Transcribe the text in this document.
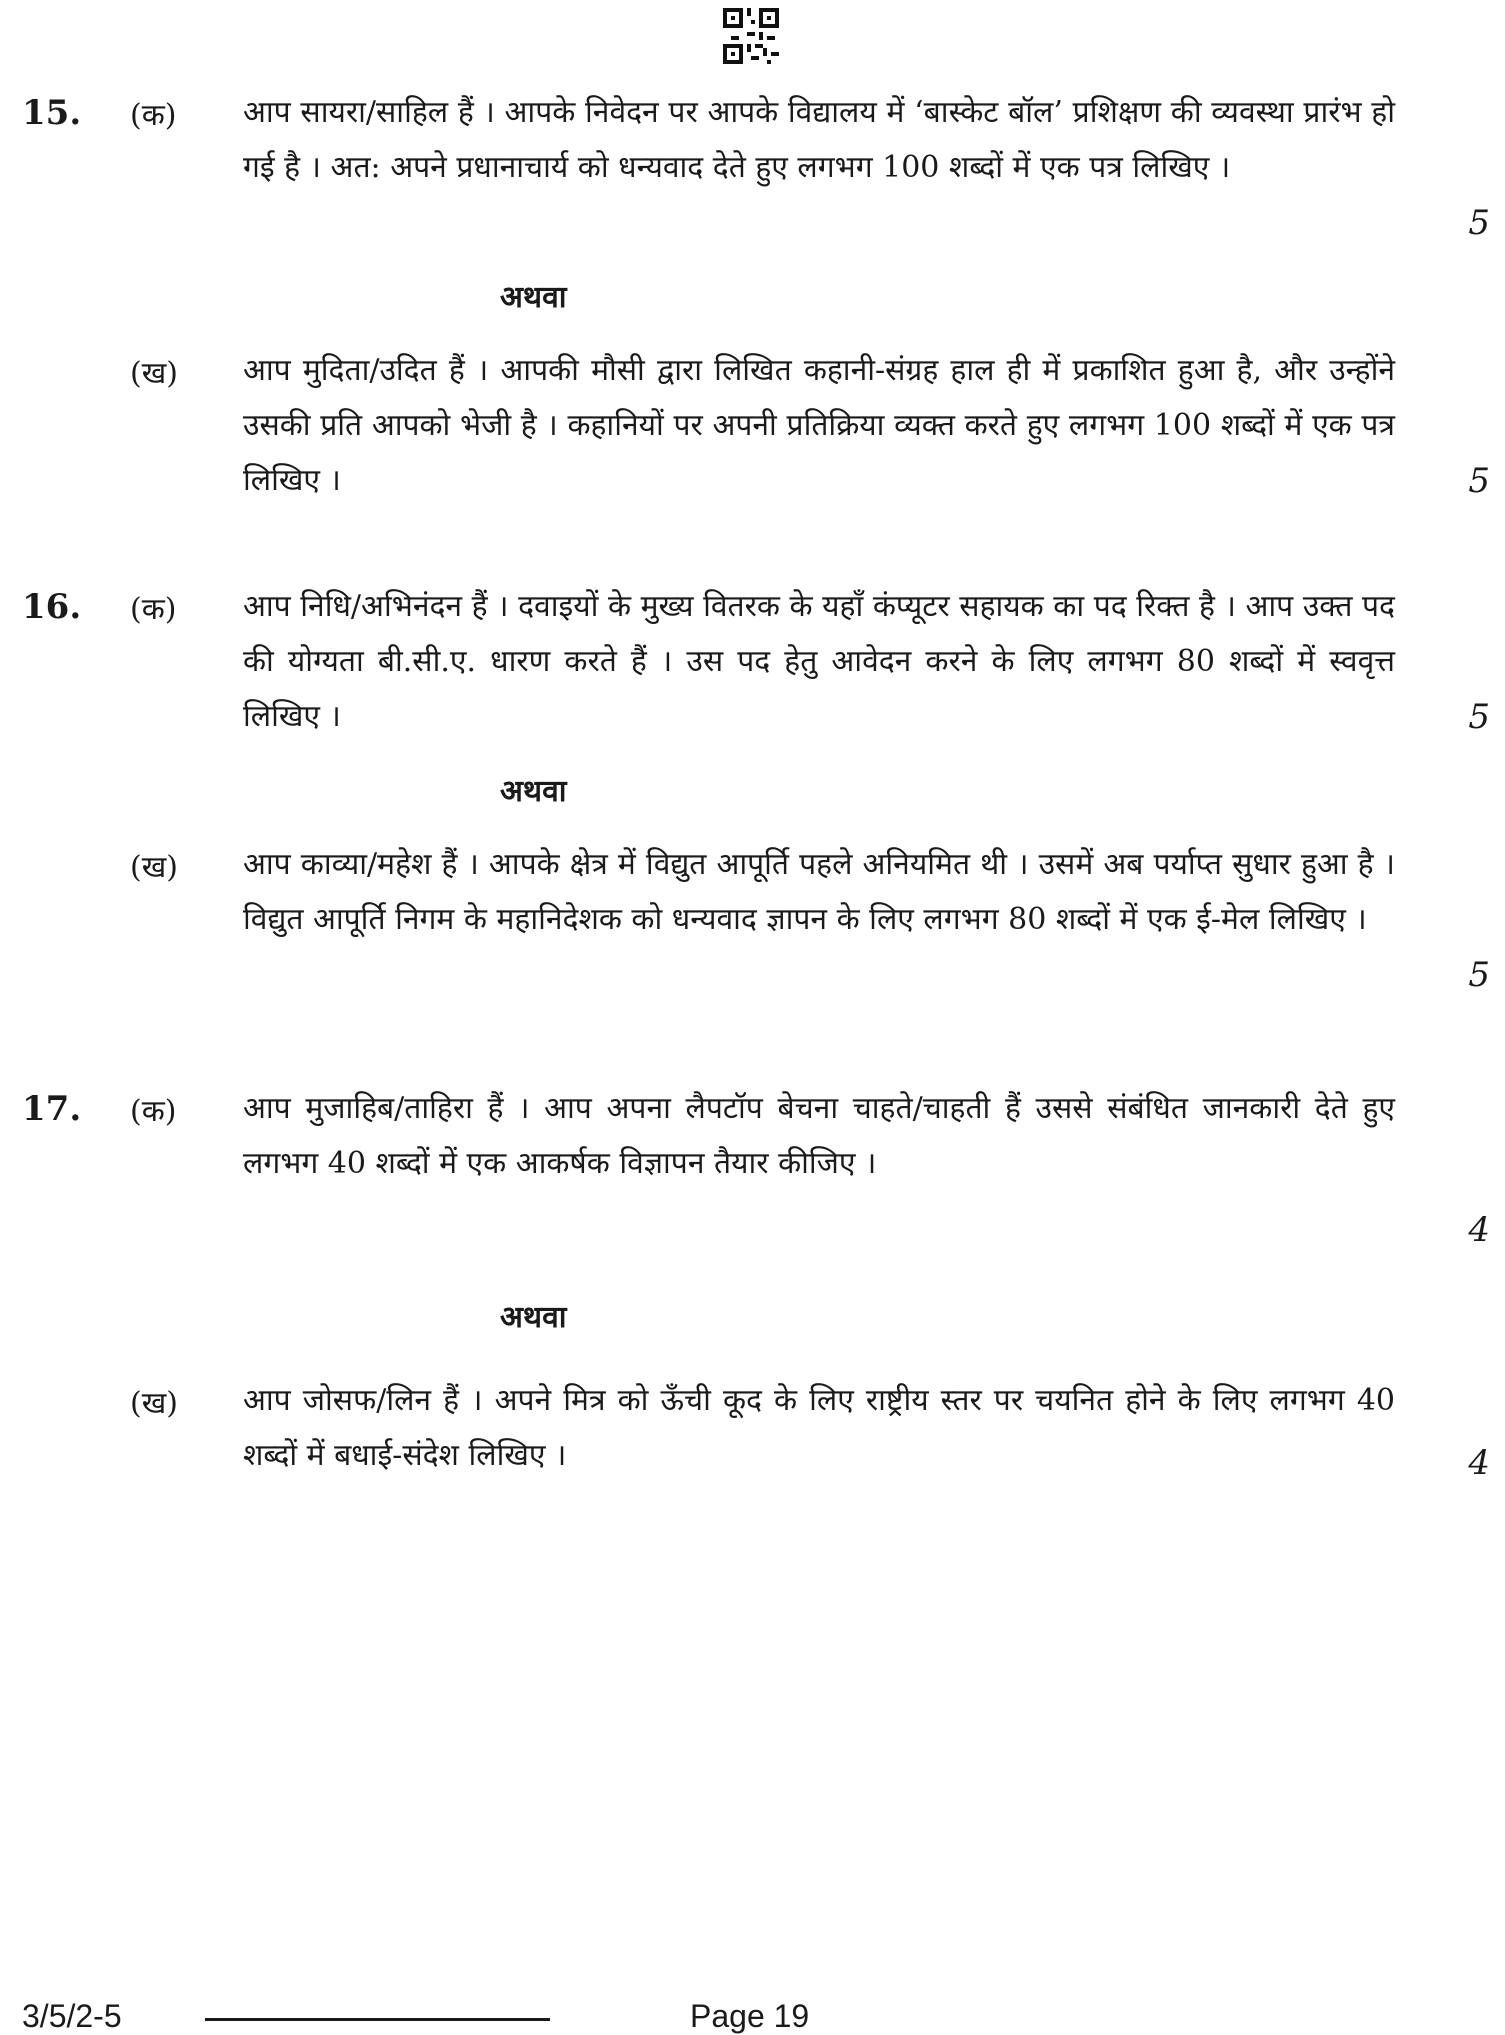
15.	(क)	आप सायरा/साहिल हैं । आपके निवेदन पर आपके विद्यालय में ‘बास्केट बॉल’ प्रशिक्षण की व्यवस्था प्रारंभ हो गई है । अत: अपने प्रधानाचार्य को धन्यवाद देते हुए लगभग 100 शब्दों में एक पत्र लिखिए ।
5
अथवा
(ख)	आप मुदिता/उदित हैं । आपकी मौसी द्वारा लिखित कहानी-संग्रह हाल ही में प्रकाशित हुआ है, और उन्होंने उसकी प्रति आपको भेजी है । कहानियों पर अपनी प्रतिक्रिया व्यक्त करते हुए लगभग 100 शब्दों में एक पत्र लिखिए ।	5
16.	(क)	आप निधि/अभिनंदन हैं । दवाइयों के मुख्य वितरक के यहाँ कंप्यूटर सहायक का पद रिक्त है । आप उक्त पद की योग्यता बी.सी.ए. धारण करते हैं । उस पद हेतु आवेदन करने के लिए लगभग 80 शब्दों में स्ववृत्त लिखिए ।	5
अथवा
(ख)	आप काव्या/महेश हैं । आपके क्षेत्र में विद्युत आपूर्ति पहले अनियमित थी । उसमें अब पर्याप्त सुधार हुआ है । विद्युत आपूर्ति निगम के महानिदेशक को धन्यवाद ज्ञापन के लिए लगभग 80 शब्दों में एक ई-मेल लिखिए ।
5
17.	(क)	आप मुजाहिब/ताहिरा हैं । आप अपना लैपटॉप बेचना चाहते/चाहती हैं उससे संबंधित जानकारी देते हुए लगभग 40 शब्दों में एक आकर्षक विज्ञापन तैयार कीजिए ।
4
अथवा
(ख)	आप जोसफ/लिन हैं । अपने मित्र को ऊँची कूद के लिए राष्ट्रीय स्तर पर चयनित होने के लिए लगभग 40 शब्दों में बधाई-संदेश लिखिए ।	4
3/5/2-5	Page 19
